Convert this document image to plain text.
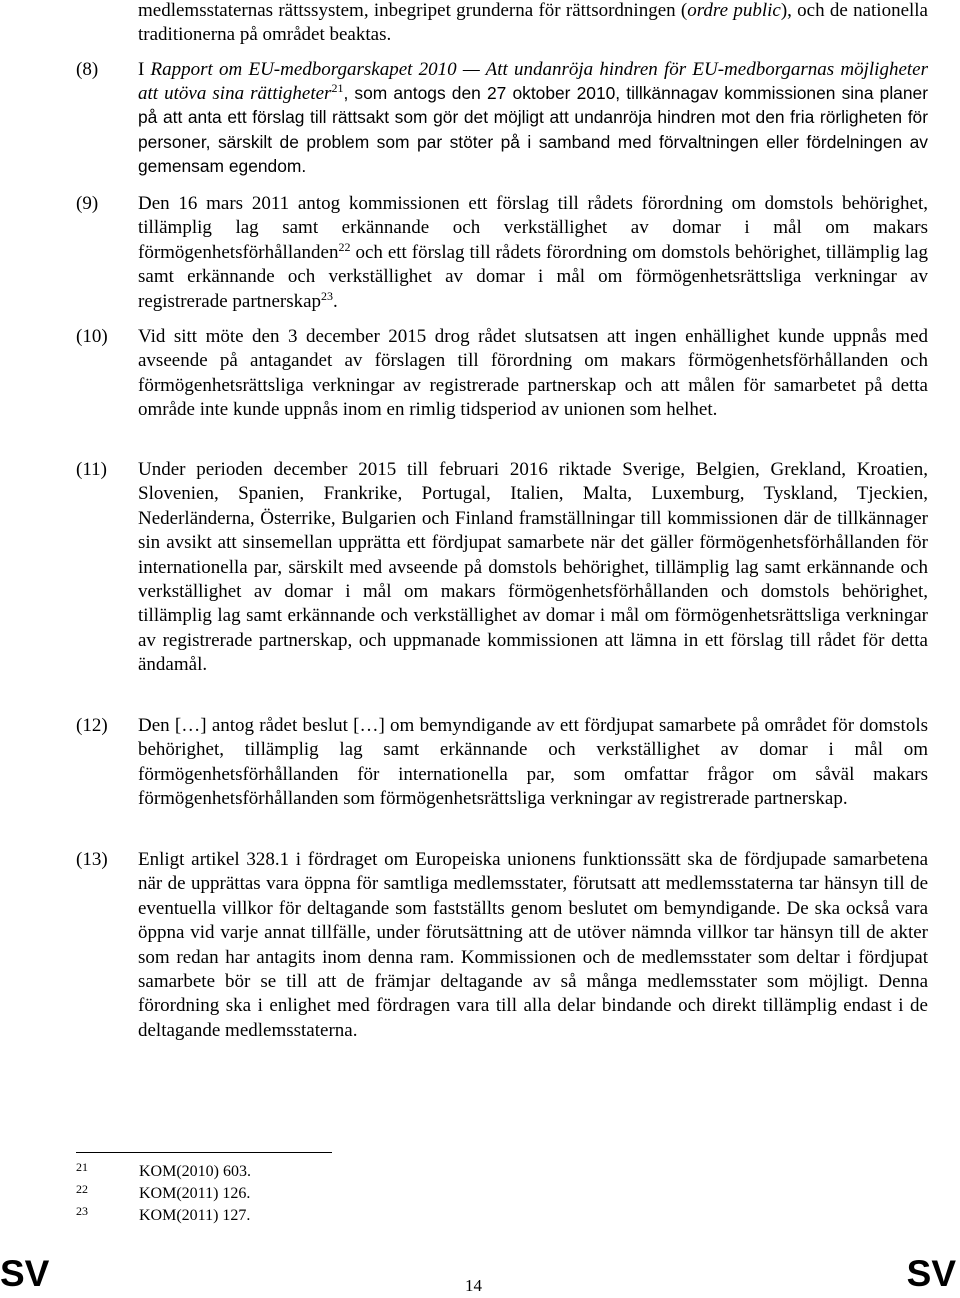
medlemsstaternas rättssystem, inbegripet grunderna för rättsordningen (ordre public), och de nationella traditionerna på området beaktas.
(8) I Rapport om EU-medborgarskapet 2010 — Att undanröja hindren för EU-medborgarnas möjligheter att utöva sina rättigheter$^{21}$, som antogs den 27 oktober 2010, tillkännagav kommissionen sina planer på att anta ett förslag till rättsakt som gör det möjligt att undanröja hindren mot den fria rörligheten för personer, särskilt de problem som par stöter på i samband med förvaltningen eller fördelningen av gemensam egendom.
(9) Den 16 mars 2011 antog kommissionen ett förslag till rådets förordning om domstols behörighet, tillämplig lag samt erkännande och verkställighet av domar i mål om makars förmögenhetsförhållanden$^{22}$ och ett förslag till rådets förordning om domstols behörighet, tillämplig lag samt erkännande och verkställighet av domar i mål om förmögenhetsrättsliga verkningar av registrerade partnerskap$^{23}$.
(10) Vid sitt möte den 3 december 2015 drog rådet slutsatsen att ingen enhällighet kunde uppnås med avseende på antagandet av förslagen till förordning om makars förmögenhetsförhållanden och förmögenhetsrättsliga verkningar av registrerade partnerskap och att målen för samarbetet på detta område inte kunde uppnås inom en rimlig tidsperiod av unionen som helhet.
(11) Under perioden december 2015 till februari 2016 riktade Sverige, Belgien, Grekland, Kroatien, Slovenien, Spanien, Frankrike, Portugal, Italien, Malta, Luxemburg, Tyskland, Tjeckien, Nederländerna, Österrike, Bulgarien och Finland framställningar till kommissionen där de tillkännager sin avsikt att sinsemellan upprätta ett fördjupat samarbete när det gäller förmögenhetsförhållanden för internationella par, särskilt med avseende på domstols behörighet, tillämplig lag samt erkännande och verkställighet av domar i mål om makars förmögenhetsförhållanden och domstols behörighet, tillämplig lag samt erkännande och verkställighet av domar i mål om förmögenhetsrättsliga verkningar av registrerade partnerskap, och uppmanade kommissionen att lämna in ett förslag till rådet för detta ändamål.
(12) Den […] antog rådet beslut […] om bemyndigande av ett fördjupat samarbete på området för domstols behörighet, tillämplig lag samt erkännande och verkställighet av domar i mål om förmögenhetsförhållanden för internationella par, som omfattar frågor om såväl makars förmögenhetsförhållanden som förmögenhetsrättsliga verkningar av registrerade partnerskap.
(13) Enligt artikel 328.1 i fördraget om Europeiska unionens funktionssätt ska de fördjupade samarbetena när de upprättas vara öppna för samtliga medlemsstater, förutsatt att medlemsstaterna tar hänsyn till de eventuella villkor för deltagande som fastställts genom beslutet om bemyndigande. De ska också vara öppna vid varje annat tillfälle, under förutsättning att de utöver nämnda villkor tar hänsyn till de akter som redan har antagits inom denna ram. Kommissionen och de medlemsstater som deltar i fördjupat samarbete bör se till att de främjar deltagande av så många medlemsstater som möjligt. Denna förordning ska i enlighet med fördragen vara till alla delar bindande och direkt tillämplig endast i de deltagande medlemsstaterna.
21	KOM(2010) 603.
22	KOM(2011) 126.
23	KOM(2011) 127.
SV	14	SV
